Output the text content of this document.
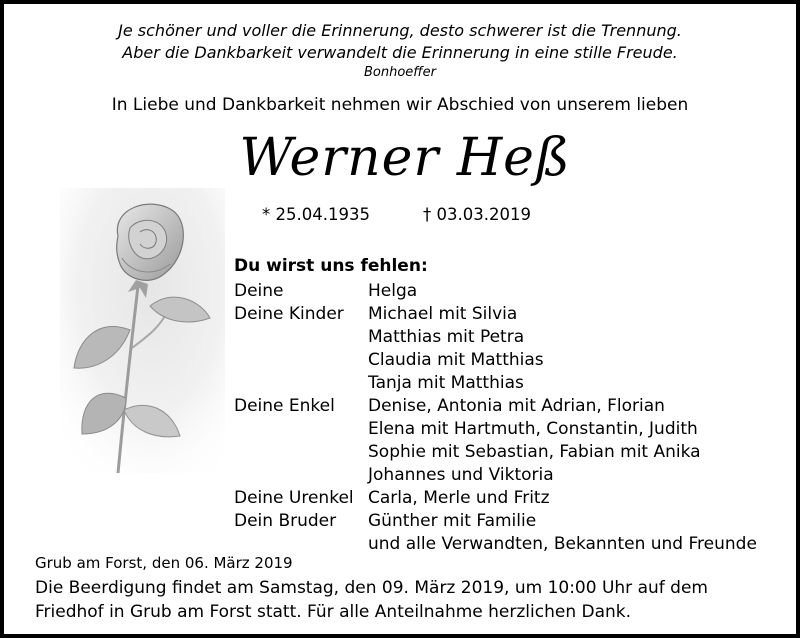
Je schöner und voller die Erinnerung, desto schwerer ist die Trennung.
Aber die Dankbarkeit verwandelt die Erinnerung in eine stille Freude.
Bonhoeffer
In Liebe und Dankbarkeit nehmen wir Abschied von unserem lieben
Werner Heß
* 25.04.1935	† 03.03.2019
Du wirst uns fehlen:
Deine	Helga
Deine Kinder Michael mit Silvia
Matthias mit Petra
Claudia mit Matthias
Tanja mit Matthias
Deine Enkel Denise, Antonia mit Adrian, Florian
Elena mit Hartmuth, Constantin, Judith
Sophie mit Sebastian, Fabian mit Anika
Johannes und Viktoria
Deine Urenkel Carla, Merle und Fritz
Dein Bruder Günther mit Familie
und alle Verwandten, Bekannten und Freunde
Grub am Forst, den 06. März 2019
Die Beerdigung findet am Samstag, den 09. März 2019, um 10:00 Uhr auf dem
Friedhof in Grub am Forst statt. Für alle Anteilnahme herzlichen Dank.
